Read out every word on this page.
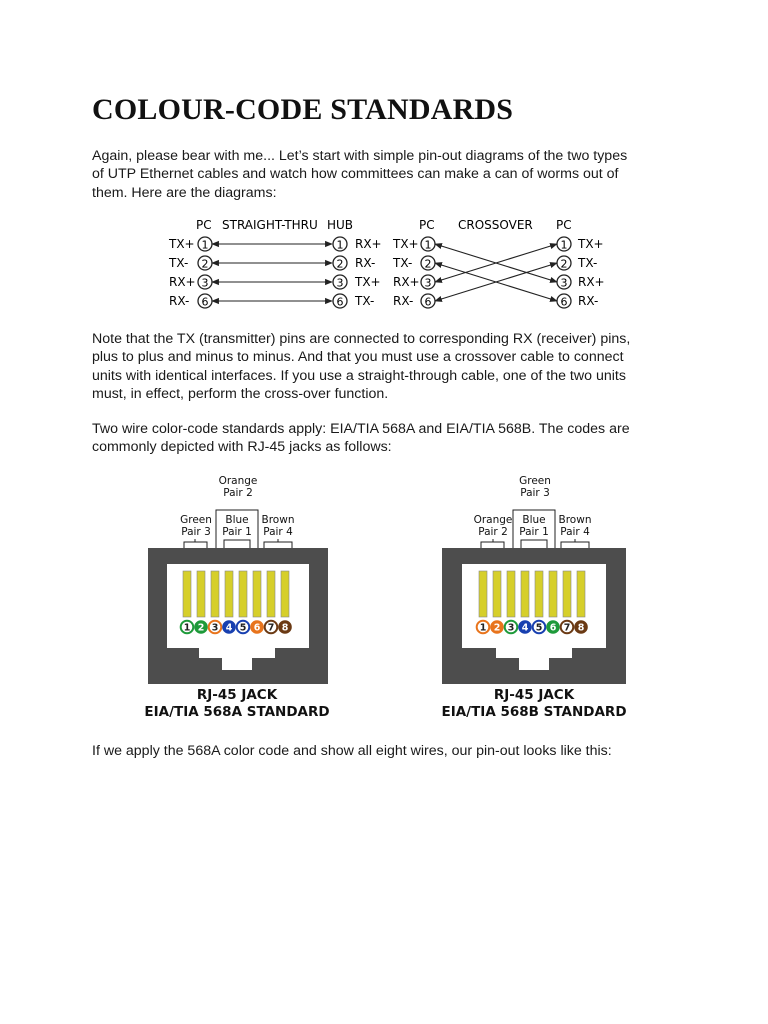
COLOUR-CODE STANDARDS

Again, please bear with me... Let’s start with simple pin-out diagrams of the two types
of UTP Ethernet cables and watch how committees can make a can of worms out of
them. Here are the diagrams:

PC STRAIGHT-THRU HUB
TX+ 1	1 RX+
TX- 2	2 RX-
RX+ 3	3 TX+
RX- 6	6 TX-
PC CROSSOVER PC
TX+ 1	1 TX+
TX- 2	2 TX-
RX+ 3	3 RX+
RX- 6	6 RX-

Note that the TX (transmitter) pins are connected to corresponding RX (receiver) pins,
plus to plus and minus to minus. And that you must use a crossover cable to connect
units with identical interfaces. If you use a straight-through cable, one of the two units
must, in effect, perform the cross-over function.

Two wire color-code standards apply: EIA/TIA 568A and EIA/TIA 568B. The codes are
commonly depicted with RJ-45 jacks as follows:

Orange
Pair 2
Green
Pair 3
Blue
Pair 1
Brown
Pair 4
1 2 3 4 5 6 7 8
RJ-45 JACK
EIA/TIA 568A STANDARD
Green
Pair 3
Orange
Pair 2
Blue
Pair 1
Brown
Pair 4
1 2 3 4 5 6 7 8
RJ-45 JACK
EIA/TIA 568B STANDARD

If we apply the 568A color code and show all eight wires, our pin-out looks like this:
